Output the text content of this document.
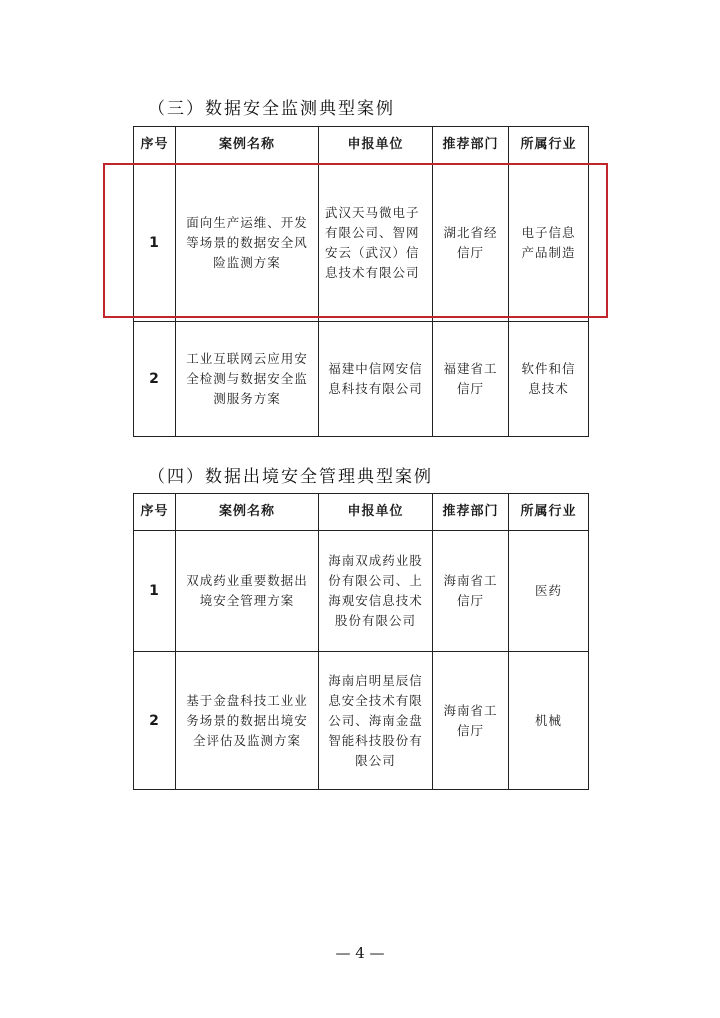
（三）数据安全监测典型案例
序号	案例名称	申报单位	推荐部门	所属行业
1	面向生产运维、开发等场景的数据安全风险监测方案	武汉天马微电子有限公司、智网安云（武汉）信息技术有限公司	湖北省经信厅	电子信息产品制造
2	工业互联网云应用安全检测与数据安全监测服务方案	福建中信网安信息科技有限公司	福建省工信厅	软件和信息技术
（四）数据出境安全管理典型案例
序号	案例名称	申报单位	推荐部门	所属行业
1	双成药业重要数据出境安全管理方案	海南双成药业股份有限公司、上海观安信息技术股份有限公司	海南省工信厅	医药
2	基于金盘科技工业业务场景的数据出境安全评估及监测方案	海南启明星辰信息安全技术有限公司、海南金盘智能科技股份有限公司	海南省工信厅	机械
— 4 —
